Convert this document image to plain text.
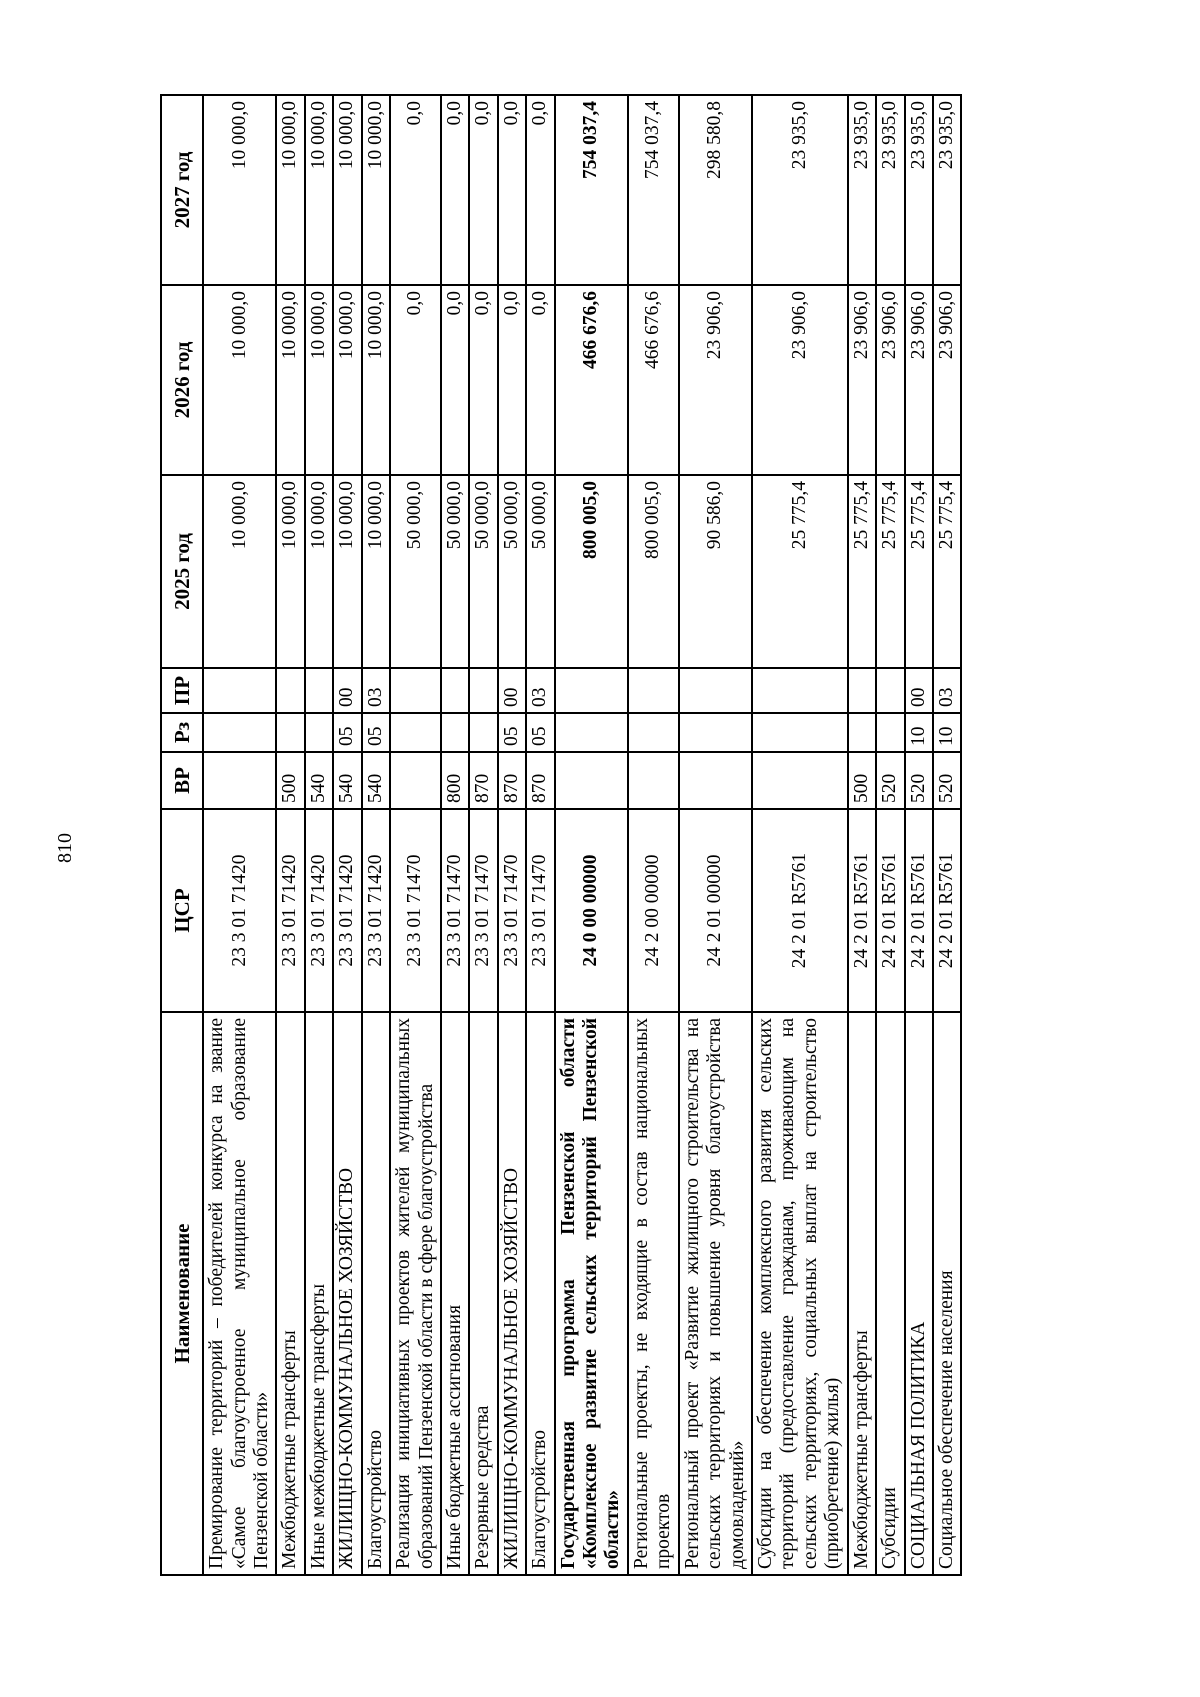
810
Наименование	ЦСР	ВР	Рз	ПР	2025 год	2026 год	2027 год
Премирование территорий – победителей конкурса на звание «Самое благоустроенное муниципальное образование Пензенской области»	23 3 01 71420				10 000,0	10 000,0	10 000,0
Межбюджетные трансферты	23 3 01 71420	500			10 000,0	10 000,0	10 000,0
Иные межбюджетные трансферты	23 3 01 71420	540			10 000,0	10 000,0	10 000,0
ЖИЛИЩНО-КОММУНАЛЬНОЕ ХОЗЯЙСТВО	23 3 01 71420	540	05	00	10 000,0	10 000,0	10 000,0
Благоустройство	23 3 01 71420	540	05	03	10 000,0	10 000,0	10 000,0
Реализация инициативных проектов жителей муниципальных образований Пензенской области в сфере благоустройства	23 3 01 71470				50 000,0	0,0	0,0
Иные бюджетные ассигнования	23 3 01 71470	800			50 000,0	0,0	0,0
Резервные средства	23 3 01 71470	870			50 000,0	0,0	0,0
ЖИЛИЩНО-КОММУНАЛЬНОЕ ХОЗЯЙСТВО	23 3 01 71470	870	05	00	50 000,0	0,0	0,0
Благоустройство	23 3 01 71470	870	05	03	50 000,0	0,0	0,0
Государственная программа Пензенской области «Комплексное развитие сельских территорий Пензенской области»	24 0 00 00000				800 005,0	466 676,6	754 037,4
Региональные проекты, не входящие в состав национальных проектов	24 2 00 00000				800 005,0	466 676,6	754 037,4
Региональный проект «Развитие жилищного строительства на сельских территориях и повышение уровня благоустройства домовладений»	24 2 01 00000				90 586,0	23 906,0	298 580,8
Субсидии на обеспечение комплексного развития сельских территорий (предоставление гражданам, проживающим на сельских территориях, социальных выплат на строительство (приобретение) жилья)	24 2 01 R5761				25 775,4	23 906,0	23 935,0
Межбюджетные трансферты	24 2 01 R5761	500			25 775,4	23 906,0	23 935,0
Субсидии	24 2 01 R5761	520			25 775,4	23 906,0	23 935,0
СОЦИАЛЬНАЯ ПОЛИТИКА	24 2 01 R5761	520	10	00	25 775,4	23 906,0	23 935,0
Социальное обеспечение населения	24 2 01 R5761	520	10	03	25 775,4	23 906,0	23 935,0
